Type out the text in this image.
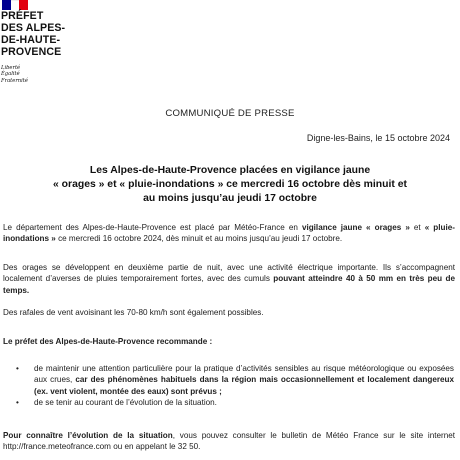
PRÉFET
DES ALPES-
DE-HAUTE-
PROVENCE
Liberté
Égalité
Fraternité
COMMUNIQUÉ DE PRESSE
Digne-les-Bains, le 15 octobre 2024
Les Alpes-de-Haute-Provence placées en vigilance jaune
« orages » et « pluie-inondations » ce mercredi 16 octobre dès minuit et
au moins jusqu’au jeudi 17 octobre
Le département des Alpes-de-Haute-Provence est placé par Météo-France en vigilance jaune « orages » et « pluie-inondations » ce mercredi 16 octobre 2024, dès minuit et au moins jusqu’au jeudi 17 octobre.
Des orages se développent en deuxième partie de nuit, avec une activité électrique importante. Ils s’accompagnent localement d’averses de pluies temporairement fortes, avec des cumuls pouvant atteindre 40 à 50 mm en très peu de temps.
Des rafales de vent avoisinant les 70-80 km/h sont également possibles.
Le préfet des Alpes-de-Haute-Provence recommande :
• de maintenir une attention particulière pour la pratique d’activités sensibles au risque météorologique ou exposées aux crues, car des phénomènes habituels dans la région mais occasionnellement et localement dangereux (ex. vent violent, montée des eaux) sont prévus ;
• de se tenir au courant de l’évolution de la situation.
Pour connaître l’évolution de la situation, vous pouvez consulter le bulletin de Météo France sur le site internet http://france.meteofrance.com ou en appelant le 32 50.
